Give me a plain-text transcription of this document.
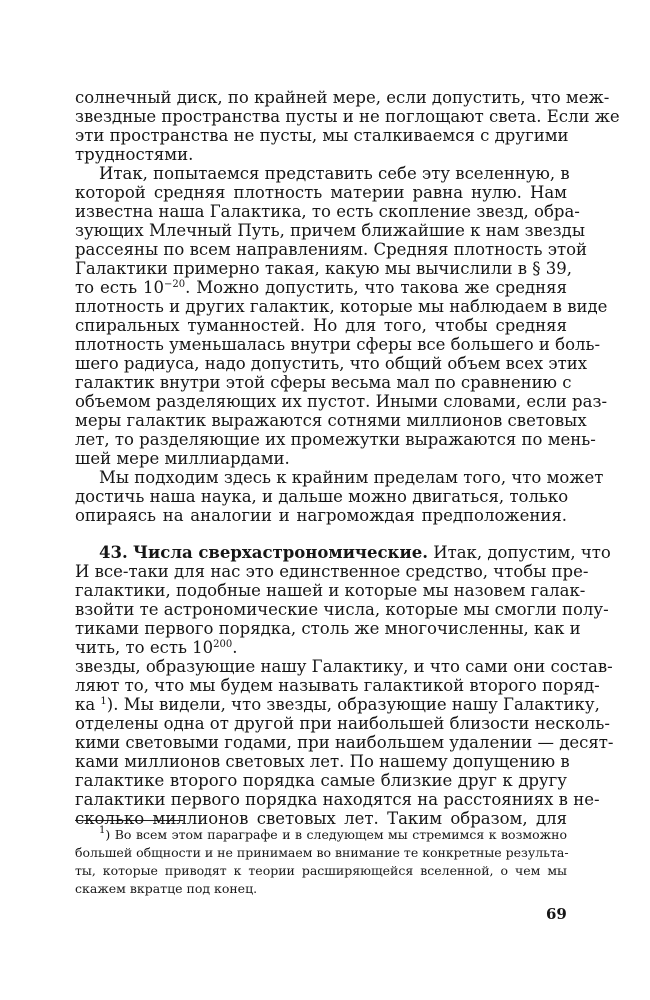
солнечный диск, по крайней мере, если допустить, что меж-
звездные пространства пусты и не поглощают света. Если же
эти пространства не пусты, мы сталкиваемся с другими
трудностями.
Итак, попытаемся представить себе эту вселенную, в
которой средняя плотность материи равна нулю. Нам
известна наша Галактика, то есть скопление звезд, обра-
зующих Млечный Путь, причем ближайшие к нам звезды
рассеяны по всем направлениям. Средняя плотность этой
Галактики примерно такая, какую мы вычислили в § 39,
то есть $10^{-20}$. Можно допустить, что такова же средняя
плотность и других галактик, которые мы наблюдаем в виде
спиральных туманностей. Но для того, чтобы средняя
плотность уменьшалась внутри сферы все большего и боль-
шего радиуса, надо допустить, что общий объем всех этих
галактик внутри этой сферы весьма мал по сравнению с
объемом разделяющих их пустот. Иными словами, если раз-
меры галактик выражаются сотнями миллионов световых
лет, то разделяющие их промежутки выражаются по мень-
шей мере миллиардами.
Мы подходим здесь к крайним пределам того, что может
достичь наша наука, и дальше можно двигаться, только
опираясь на аналогии и нагромождая предположения.
И все-таки для нас это единственное средство, чтобы пре-
взойти те астрономические числа, которые мы смогли полу-
чить, то есть $10^{200}$.
$^1$) Во всем этом параграфе и в следующем мы стремимся к возможно
большей общности и не принимаем во внимание те конкретные результа-
ты, которые приводят к теории расширяющейся вселенной, о чем мы
скажем вкратце под конец.
69
43. Числа сверхастрономические. Итак, допустим, что
галактики, подобные нашей и которые мы назовем галак-
тиками первого порядка, столь же многочисленны, как и
звезды, образующие нашу Галактику, и что сами они состав-
ляют то, что мы будем называть галактикой второго поряд-
ка $^1$). Мы видели, что звезды, образующие нашу Галактику,
отделены одна от другой при наибольшей близости несколь-
кими световыми годами, при наибольшем удалении — десят-
ками миллионов световых лет. По нашему допущению в
галактике второго порядка самые близкие друг к другу
галактики первого порядка находятся на расстояниях в не-
сколько миллионов световых лет. Таким образом, для
